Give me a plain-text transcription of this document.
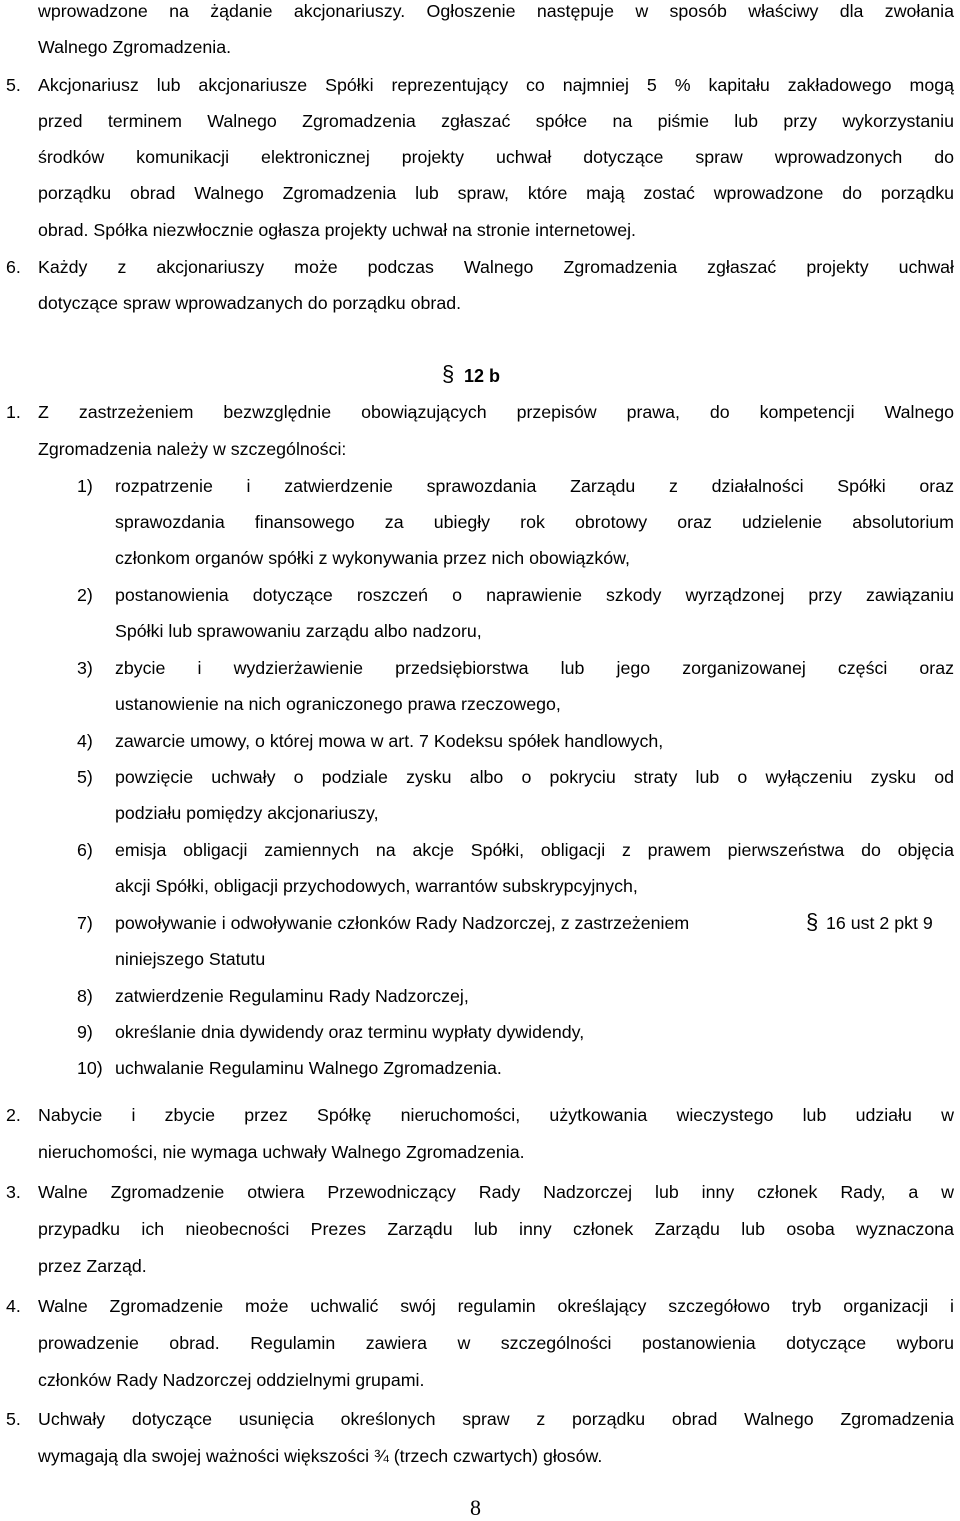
wprowadzone na żądanie akcjonariuszy. Ogłoszenie następuje w sposób właściwy dla zwołania
Walnego Zgromadzenia.
5. Akcjonariusz lub akcjonariusze Spółki reprezentujący co najmniej 5 % kapitału zakładowego mogą
przed terminem Walnego Zgromadzenia zgłaszać spółce na piśmie lub przy wykorzystaniu
środków komunikacji elektronicznej projekty uchwał dotyczące spraw wprowadzonych do
porządku obrad Walnego Zgromadzenia lub spraw, które mają zostać wprowadzone do porządku
obrad. Spółka niezwłocznie ogłasza projekty uchwał na stronie internetowej.
6. Każdy z akcjonariuszy może podczas Walnego Zgromadzenia zgłaszać projekty uchwał
dotyczące spraw wprowadzanych do porządku obrad.
§ 12 b
1. Z zastrzeżeniem bezwzględnie obowiązujących przepisów prawa, do kompetencji Walnego
Zgromadzenia należy w szczególności:
1) rozpatrzenie i zatwierdzenie sprawozdania Zarządu z działalności Spółki oraz
sprawozdania finansowego za ubiegły rok obrotowy oraz udzielenie absolutorium
członkom organów spółki z wykonywania przez nich obowiązków,
2) postanowienia dotyczące roszczeń o naprawienie szkody wyrządzonej przy zawiązaniu
Spółki lub sprawowaniu zarządu albo nadzoru,
3) zbycie i wydzierżawienie przedsiębiorstwa lub jego zorganizowanej części oraz
ustanowienie na nich ograniczonego prawa rzeczowego,
4) zawarcie umowy, o której mowa w art. 7 Kodeksu spółek handlowych,
5) powzięcie uchwały o podziale zysku albo o pokryciu straty lub o wyłączeniu zysku od
podziału pomiędzy akcjonariuszy,
6) emisja obligacji zamiennych na akcje Spółki, obligacji z prawem pierwszeństwa do objęcia
akcji Spółki, obligacji przychodowych, warrantów subskrypcyjnych,
7) powoływanie i odwoływanie członków Rady Nadzorczej, z zastrzeżeniem	§ 16 ust 2 pkt 9
niniejszego Statutu
8) zatwierdzenie Regulaminu Rady Nadzorczej,
9) określanie dnia dywidendy oraz terminu wypłaty dywidendy,
10) uchwalanie Regulaminu Walnego Zgromadzenia.
2. Nabycie i zbycie przez Spółkę nieruchomości, użytkowania wieczystego lub udziału w
nieruchomości, nie wymaga uchwały Walnego Zgromadzenia.
3. Walne Zgromadzenie otwiera Przewodniczący Rady Nadzorczej lub inny członek Rady, a w
przypadku ich nieobecności Prezes Zarządu lub inny członek Zarządu lub osoba wyznaczona
przez Zarząd.
4. Walne Zgromadzenie może uchwalić swój regulamin określający szczegółowo tryb organizacji i
prowadzenie obrad. Regulamin zawiera w szczególności postanowienia dotyczące wyboru
członków Rady Nadzorczej oddzielnymi grupami.
5. Uchwały dotyczące usunięcia określonych spraw z porządku obrad Walnego Zgromadzenia
wymagają dla swojej ważności większości ¾ (trzech czwartych) głosów.
8
